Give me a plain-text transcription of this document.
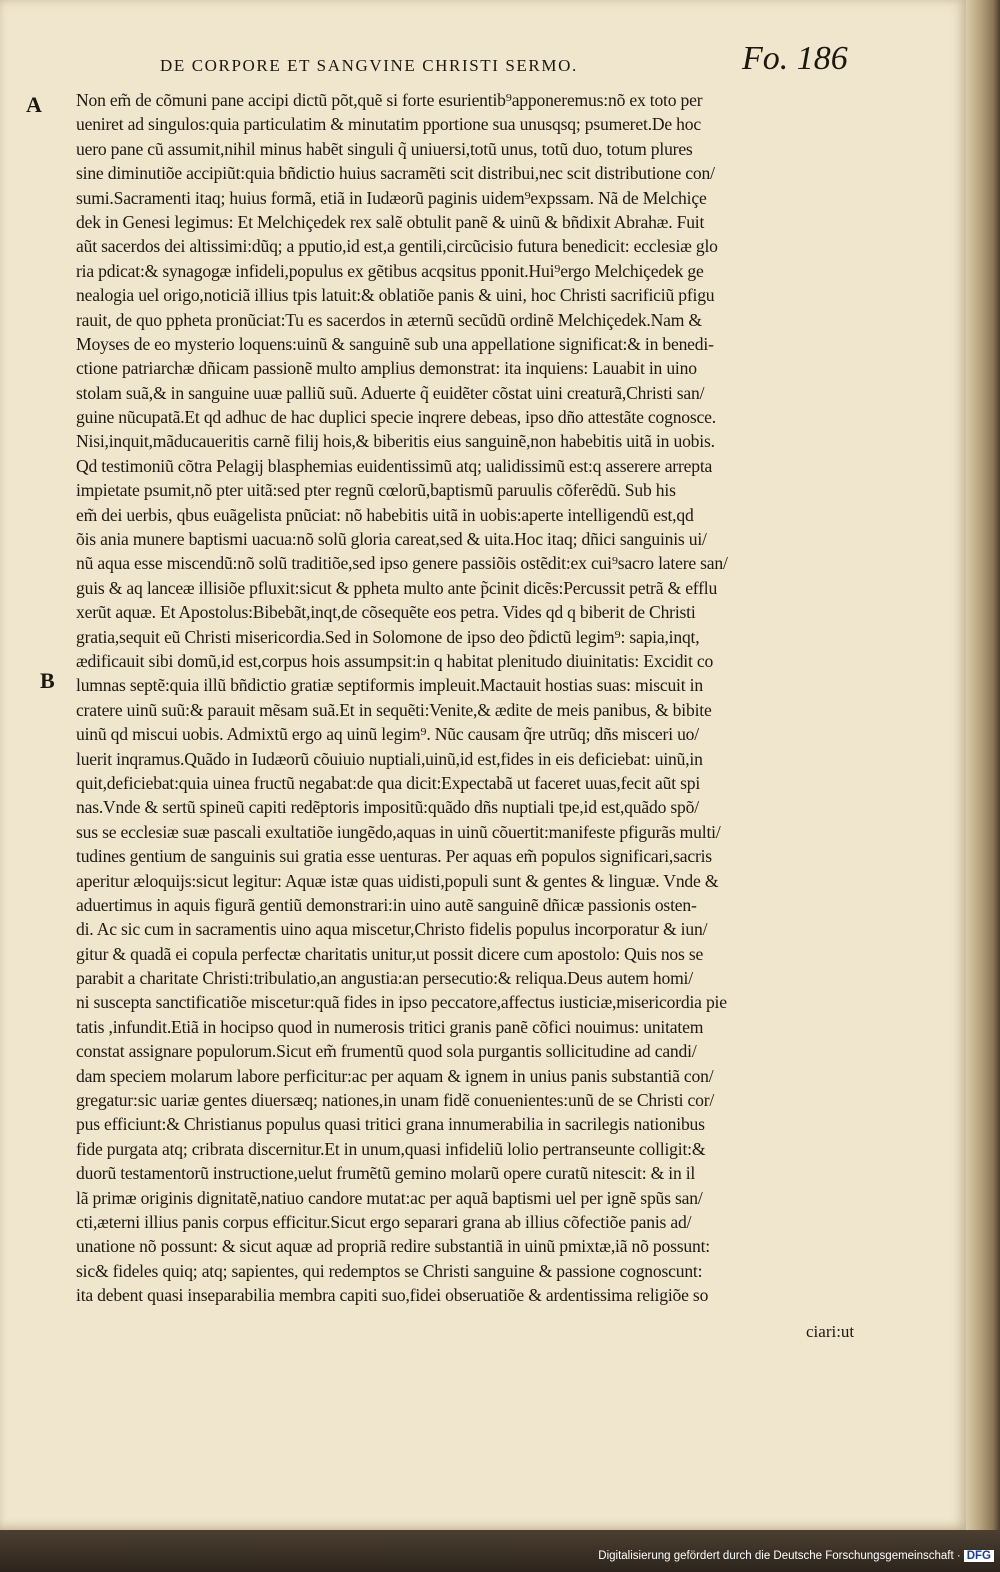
DE CORPORE ET SANGVINE CHRISTI SERMO.	Fo. 186
A
B
Non em̃ de cõmuni pane accipi dictũ põt,quẽ si forte esurientib⁹apponeremus:nõ ex toto per
ueniret ad singulos:quia particulatim & minutatim pportione sua unusqsq; psumeret.De hoc
uero pane cũ assumit,nihil minus habẽt singuli q̃ uniuersi,totũ unus, totũ duo, totum plures
sine diminutiõe accipiũt:quia bñdictio huius sacramẽti scit distribui,nec scit distributione con/
sumi.Sacramenti itaq; huius formã, etiã in Iudæorũ paginis uidem⁹expssam. Nã de Melchiçe
dek in Genesi legimus: Et Melchiçedek rex salẽ obtulit panẽ & uinũ & bñdixit Abrahæ. Fuit
aũt sacerdos dei altissimi:dũq; a pputio,id est,a gentili,circũcisio futura benedicit: ecclesiæ glo
ria pdicat:& synagogæ infideli,populus ex gẽtibus acqsitus pponit.Hui⁹ergo Melchiçedek ge
nealogia uel origo,noticiã illius tpis latuit:& oblatiõe panis & uini, hoc Christi sacrificiũ pfigu
rauit, de quo ppheta pronũciat:Tu es sacerdos in æternũ secũdũ ordinẽ Melchiçedek.Nam &
Moyses de eo mysterio loquens:uinũ & sanguinẽ sub una appellatione significat:& in benedi-
ctione patriarchæ dñicam passionẽ multo amplius demonstrat: ita inquiens: Lauabit in uino
stolam suã,& in sanguine uuæ palliũ suũ. Aduerte q̃ euidẽter cõstat uini creaturã,Christi san/
guine nũcupatã.Et qd adhuc de hac duplici specie inqrere debeas, ipso dño attestãte cognosce.
Nisi,inquit,mãducaueritis carnẽ filij hois,& biberitis eius sanguinẽ,non habebitis uitã in uobis.
Qd testimoniũ cõtra Pelagij blasphemias euidentissimũ atq; ualidissimũ est:q asserere arrepta
impietate psumit,nõ pter uitã:sed pter regnũ cœlorũ,baptismũ paruulis cõferẽdũ. Sub his
em̃ dei uerbis, qbus euãgelista pnũciat: nõ habebitis uitã in uobis:aperte intelligendũ est,qd
õis ania munere baptismi uacua:nõ solũ gloria careat,sed & uita.Hoc itaq; dñici sanguinis ui/
nũ aqua esse miscendũ:nõ solũ traditiõe,sed ipso genere passiõis ostẽdit:ex cui⁹sacro latere san/
guis & aq lanceæ illisiõe pfluxit:sicut & ppheta multo ante p̃cinit dicẽs:Percussit petrã & efflu
xerũt aquæ. Et Apostolus:Bibebãt,inqt,de cõsequẽte eos petra. Vides qd q biberit de Christi
gratia,sequit eũ Christi misericordia.Sed in Solomone de ipso deo p̃dictũ legim⁹: sapia,inqt,
ædificauit sibi domũ,id est,corpus hois assumpsit:in q habitat plenitudo diuinitatis: Excidit co
lumnas septẽ:quia illũ bñdictio gratiæ septiformis impleuit.Mactauit hostias suas: miscuit in
cratere uinũ suũ:& parauit mẽsam suã.Et in sequẽti:Venite,& ædite de meis panibus, & bibite
uinũ qd miscui uobis. Admixtũ ergo aq uinũ legim⁹. Nũc causam q̃re utrũq; dñs misceri uo/
luerit inqramus.Quãdo in Iudæorũ cõuiuio nuptiali,uinũ,id est,fides in eis deficiebat: uinũ,in
quit,deficiebat:quia uinea fructũ negabat:de qua dicit:Expectabã ut faceret uuas,fecit aũt spi
nas.Vnde & sertũ spineũ capiti redẽptoris impositũ:quãdo dñs nuptiali tpe,id est,quãdo spõ/
sus se ecclesiæ suæ pascali exultatiõe iungẽdo,aquas in uinũ cõuertit:manifeste pfigurãs multi/
tudines gentium de sanguinis sui gratia esse uenturas. Per aquas em̃ populos significari,sacris
aperitur æloquijs:sicut legitur: Aquæ istæ quas uidisti,populi sunt & gentes & linguæ. Vnde &
aduertimus in aquis figurã gentiũ demonstrari:in uino autẽ sanguinẽ dñicæ passionis osten-
di. Ac sic cum in sacramentis uino aqua miscetur,Christo fidelis populus incorporatur & iun/
gitur & quadã ei copula perfectæ charitatis unitur,ut possit dicere cum apostolo: Quis nos se
parabit a charitate Christi:tribulatio,an angustia:an persecutio:& reliqua.Deus autem homi/
ni suscepta sanctificatiõe miscetur:quã fides in ipso peccatore,affectus iusticiæ,misericordia pie
tatis ,infundit.Etiã in hocipso quod in numerosis tritici granis panẽ cõfici nouimus: unitatem
constat assignare populorum.Sicut em̃ frumentũ quod sola purgantis sollicitudine ad candi/
dam speciem molarum labore perficitur:ac per aquam & ignem in unius panis substantiã con/
gregatur:sic uariæ gentes diuersæq; nationes,in unam fidẽ conuenientes:unũ de se Christi cor/
pus efficiunt:& Christianus populus quasi tritici grana innumerabilia in sacrilegis nationibus
fide purgata atq; cribrata discernitur.Et in unum,quasi infideliũ lolio pertranseunte colligit:&
duorũ testamentorũ instructione,uelut frumẽtũ gemino molarũ opere curatũ nitescit: & in il
lã primæ originis dignitatẽ,natiuo candore mutat:ac per aquã baptismi uel per ignẽ spũs san/
cti,æterni illius panis corpus efficitur.Sicut ergo separari grana ab illius cõfectiõe panis ad/
unatione nõ possunt: & sicut aquæ ad propriã redire substantiã in uinũ pmixtæ,iã nõ possunt:
sic& fideles quiq; atq; sapientes, qui redemptos se Christi sanguine & passione cognoscunt:
ita debent quasi inseparabilia membra capiti suo,fidei obseruatiõe & ardentissima religiõe so
ciari:ut
Digitalisierung gefördert durch die Deutsche Forschungsgemeinschaft · DFG
